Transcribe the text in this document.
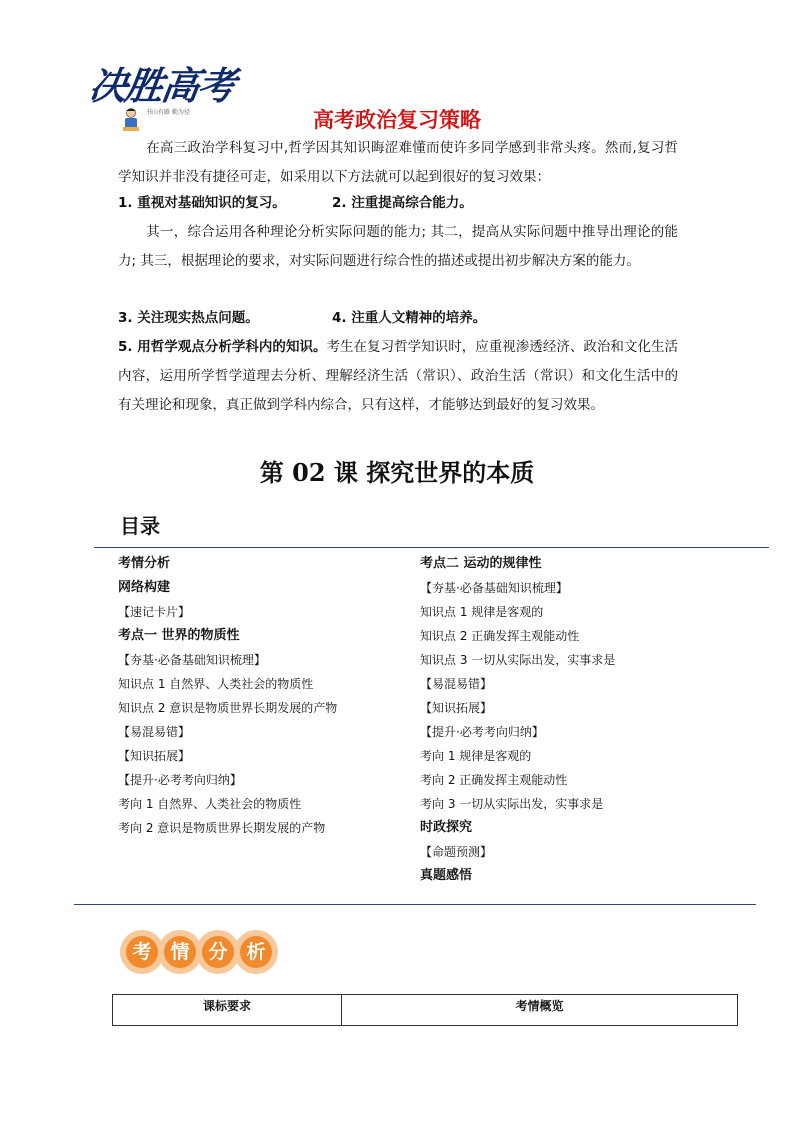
决胜高考
书山有路 勤为径	高考政治复习策略
在高三政治学科复习中,哲学因其知识晦涩难懂而使许多同学感到非常头疼。然而,复习哲学知识并非没有捷径可走，如采用以下方法就可以起到很好的复习效果：
1. 重视对基础知识的复习。	2. 注重提高综合能力。
其一，综合运用各种理论分析实际问题的能力; 其二，提高从实际问题中推导出理论的能力; 其三，根据理论的要求，对实际问题进行综合性的描述或提出初步解决方案的能力。
3. 关注现实热点问题。	4. 注重人文精神的培养。
5. 用哲学观点分析学科内的知识。考生在复习哲学知识时，应重视渗透经济、政治和文化生活内容，运用所学哲学道理去分析、理解经济生活（常识）、政治生活（常识）和文化生活中的有关理论和现象，真正做到学科内综合，只有这样，才能够达到最好的复习效果。
第 02 课 探究世界的本质
目录
考情分析
网络构建
【速记卡片】
考点一 世界的物质性
【夯基·必备基础知识梳理】
知识点 1 自然界、人类社会的物质性
知识点 2 意识是物质世界长期发展的产物
【易混易错】
【知识拓展】
【提升·必考考向归纳】
考向 1 自然界、人类社会的物质性
考向 2 意识是物质世界长期发展的产物
考点二 运动的规律性
【夯基·必备基础知识梳理】
知识点 1 规律是客观的
知识点 2 正确发挥主观能动性
知识点 3 一切从实际出发，实事求是
【易混易错】
【知识拓展】
【提升·必考考向归纳】
考向 1 规律是客观的
考向 2 正确发挥主观能动性
考向 3 一切从实际出发，实事求是
时政探究
【命题预测】
真题感悟
考 情 分 析
课标要求	考情概览
